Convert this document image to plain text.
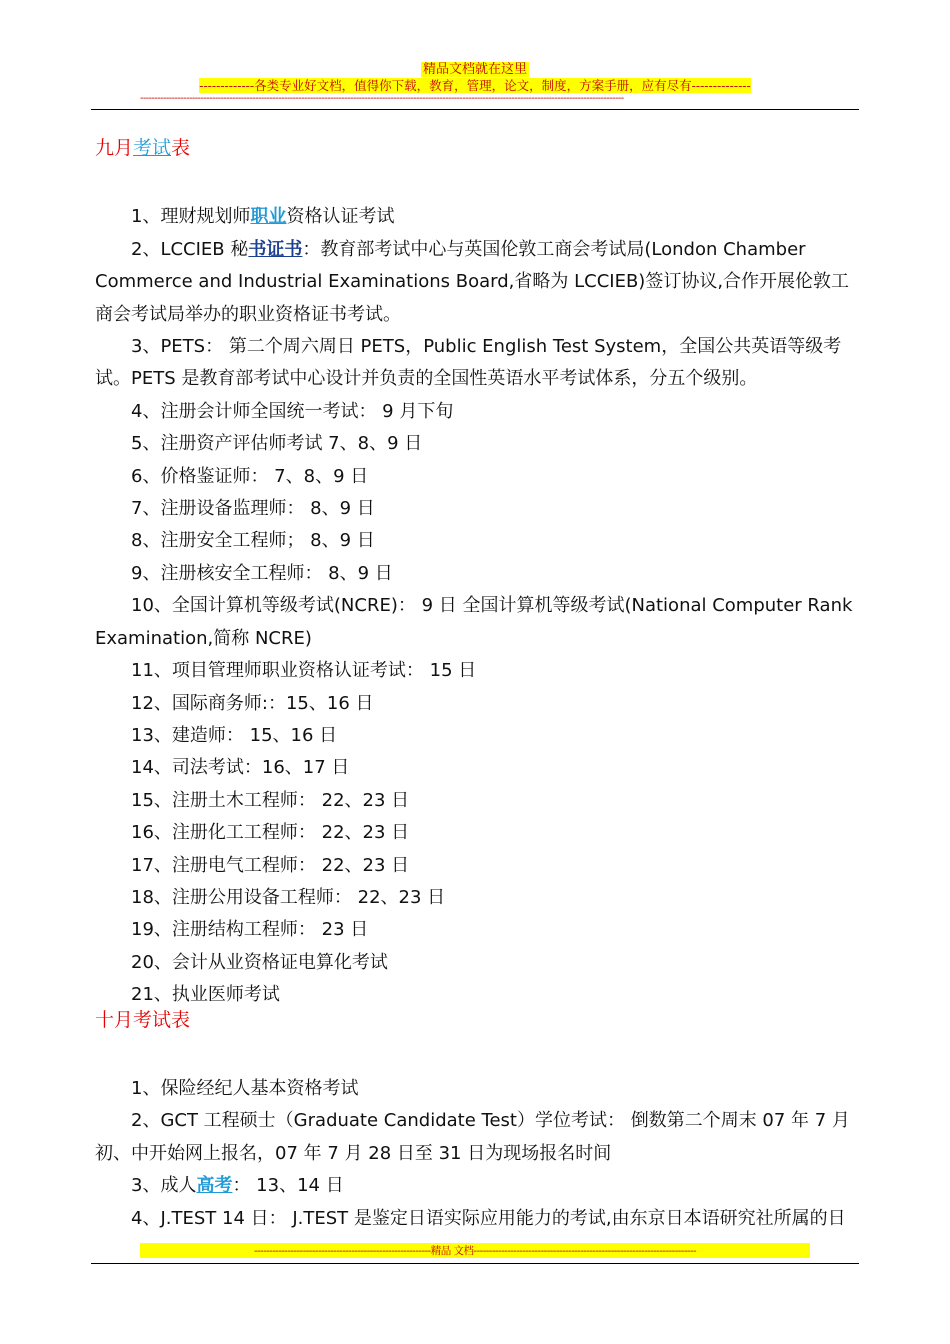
精品文档就在这里
-------------各类专业好文档，值得你下载，教育，管理，论文，制度，方案手册，应有尽有--------------
------------------------------------------------------------------------------------------------------------------------------------------------------------------------

九月考试表

1、理财规划师职业资格认证考试

2、LCCIEB 秘书证书：教育部考试中心与英国伦敦工商会考试局(London Chamber Commerce and Industrial Examinations Board,省略为 LCCIEB)签订协议,合作开展伦敦工商会考试局举办的职业资格证书考试。

3、PETS： 第二个周六周日 PETS，Public English Test System，全国公共英语等级考试。PETS 是教育部考试中心设计并负责的全国性英语水平考试体系，分五个级别。

4、注册会计师全国统一考试： 9 月下旬

5、注册资产评估师考试 7、8、9 日

6、价格鉴证师： 7、8、9 日

7、注册设备监理师： 8、9 日

8、注册安全工程师； 8、9 日

9、注册核安全工程师： 8、9 日

10、全国计算机等级考试(NCRE)： 9 日 全国计算机等级考试(National Computer Rank Examination,简称 NCRE)

11、项目管理师职业资格认证考试： 15 日

12、国际商务师:：15、16 日

13、建造师： 15、16 日

14、司法考试：16、17 日

15、注册土木工程师： 22、23 日

16、注册化工工程师： 22、23 日

17、注册电气工程师： 22、23 日

18、注册公用设备工程师： 22、23 日

19、注册结构工程师： 23 日

20、会计从业资格证电算化考试

21、执业医师考试

十月考试表

1、保险经纪人基本资格考试

2、GCT 工程硕士（Graduate Candidate Test）学位考试： 倒数第二个周末 07 年 7 月初、中开始网上报名，07 年 7 月 28 日至 31 日为现场报名时间

3、成人高考： 13、14 日

4、J.TEST 14 日： J.TEST 是鉴定日语实际应用能力的考试,由东京日本语研究社所属的日

----------------------------------------------------------精品 文档-------------------------------------------------------------------------
